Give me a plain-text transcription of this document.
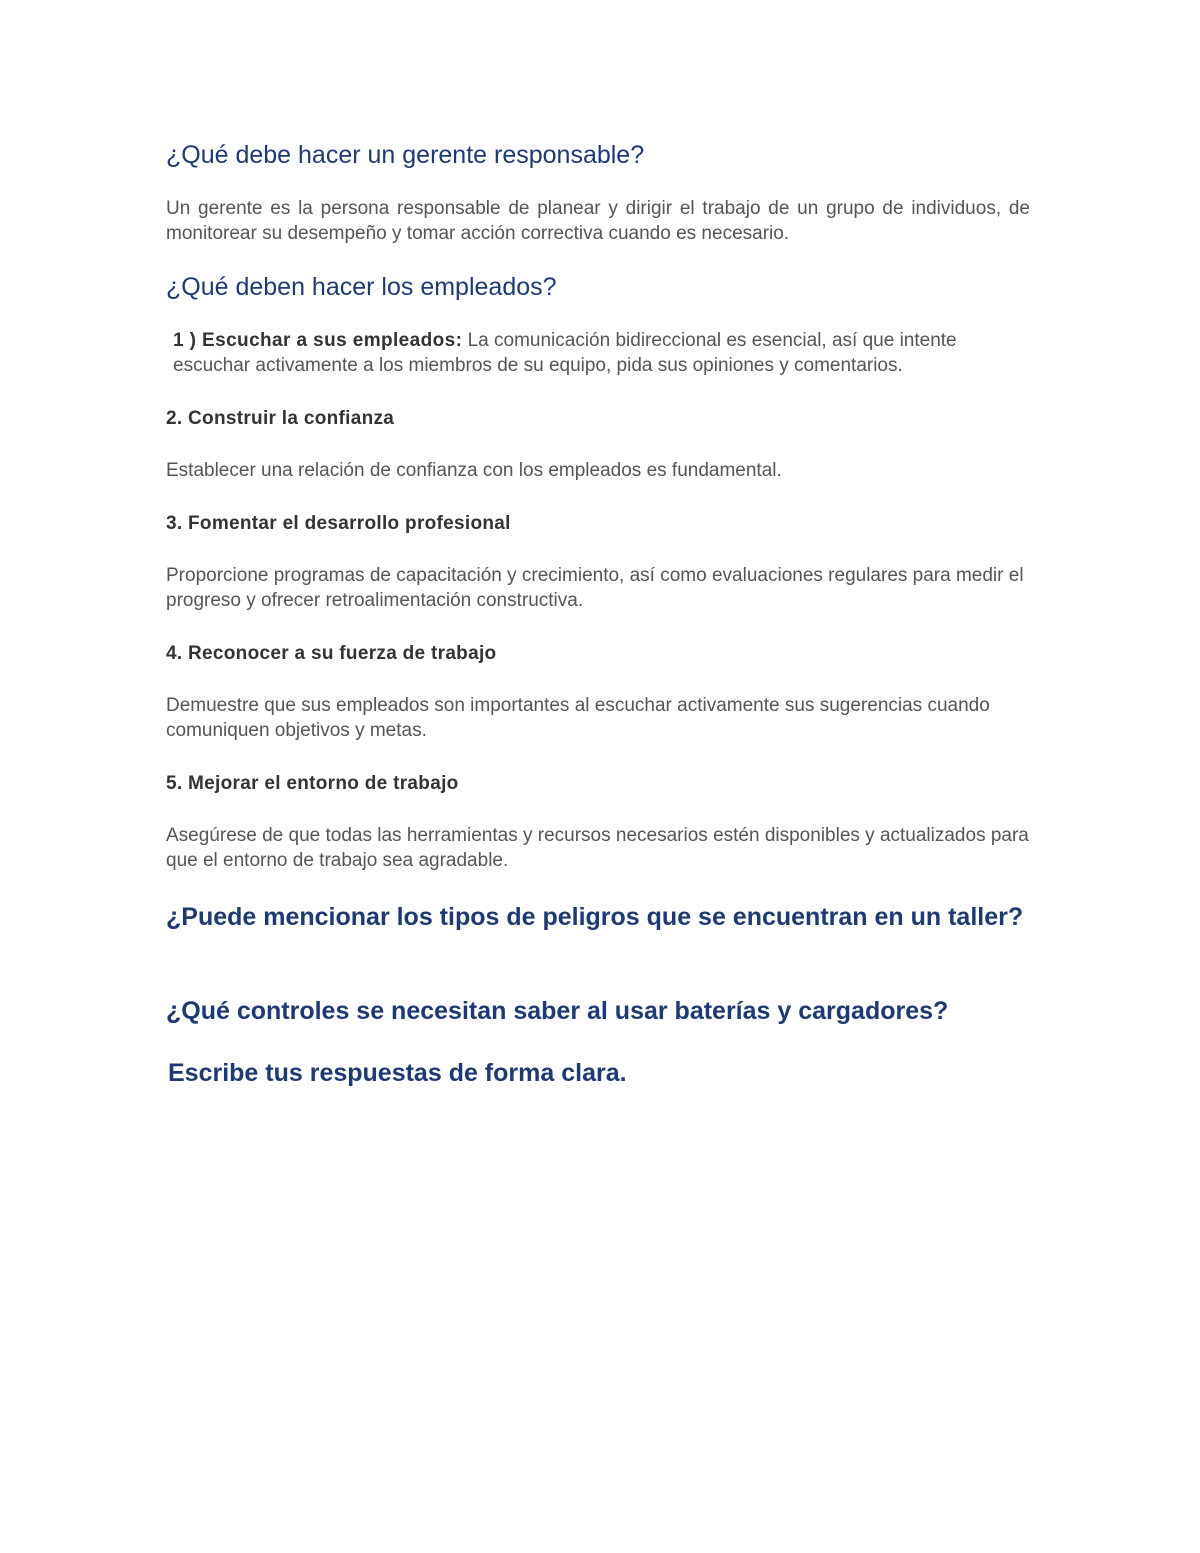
¿Qué debe hacer un gerente responsable?

Un gerente es la persona responsable de planear y dirigir el trabajo de un grupo de individuos, de monitorear su desempeño y tomar acción correctiva cuando es necesario.

¿Qué deben hacer los empleados?

1 ) Escuchar a sus empleados: La comunicación bidireccional es esencial, así que intente escuchar activamente a los miembros de su equipo, pida sus opiniones y comentarios.

2. Construir la confianza

Establecer una relación de confianza con los empleados es fundamental.

3. Fomentar el desarrollo profesional

Proporcione programas de capacitación y crecimiento, así como evaluaciones regulares para medir el progreso y ofrecer retroalimentación constructiva.

4. Reconocer a su fuerza de trabajo

Demuestre que sus empleados son importantes al escuchar activamente sus sugerencias cuando comuniquen objetivos y metas.

5. Mejorar el entorno de trabajo

Asegúrese de que todas las herramientas y recursos necesarios estén disponibles y actualizados para que el entorno de trabajo sea agradable.

¿Puede mencionar los tipos de peligros que se encuentran en un taller?
¿Qué controles se necesitan saber al usar baterías y cargadores?
Escribe tus respuestas de forma clara.
